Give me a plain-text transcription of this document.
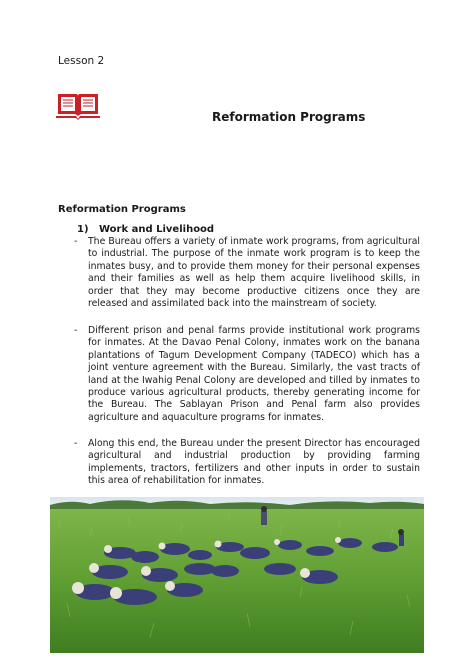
Lesson 2
Reformation Programs
Reformation Programs
1) Work and Livelihood

- The Bureau offers a variety of inmate work programs, from agricultural to industrial. The purpose of the inmate work program is to keep the inmates busy, and to provide them money for their personal expenses and their families as well as help them acquire livelihood skills, in order that they may become productive citizens once they are released and assimilated back into the mainstream of society.

- Different prison and penal farms provide institutional work programs for inmates. At the Davao Penal Colony, inmates work on the banana plantations of Tagum Development Company (TADECO) which has a joint venture agreement with the Bureau. Similarly, the vast tracts of land at the Iwahig Penal Colony are developed and tilled by inmates to produce various agricultural products, thereby generating income for the Bureau. The Sablayan Prison and Penal farm also provides agriculture and aquaculture programs for inmates.

- Along this end, the Bureau under the present Director has encouraged agricultural and industrial production by providing farming implements, tractors, fertilizers and other inputs in order to sustain this area of rehabilitation for inmates.
